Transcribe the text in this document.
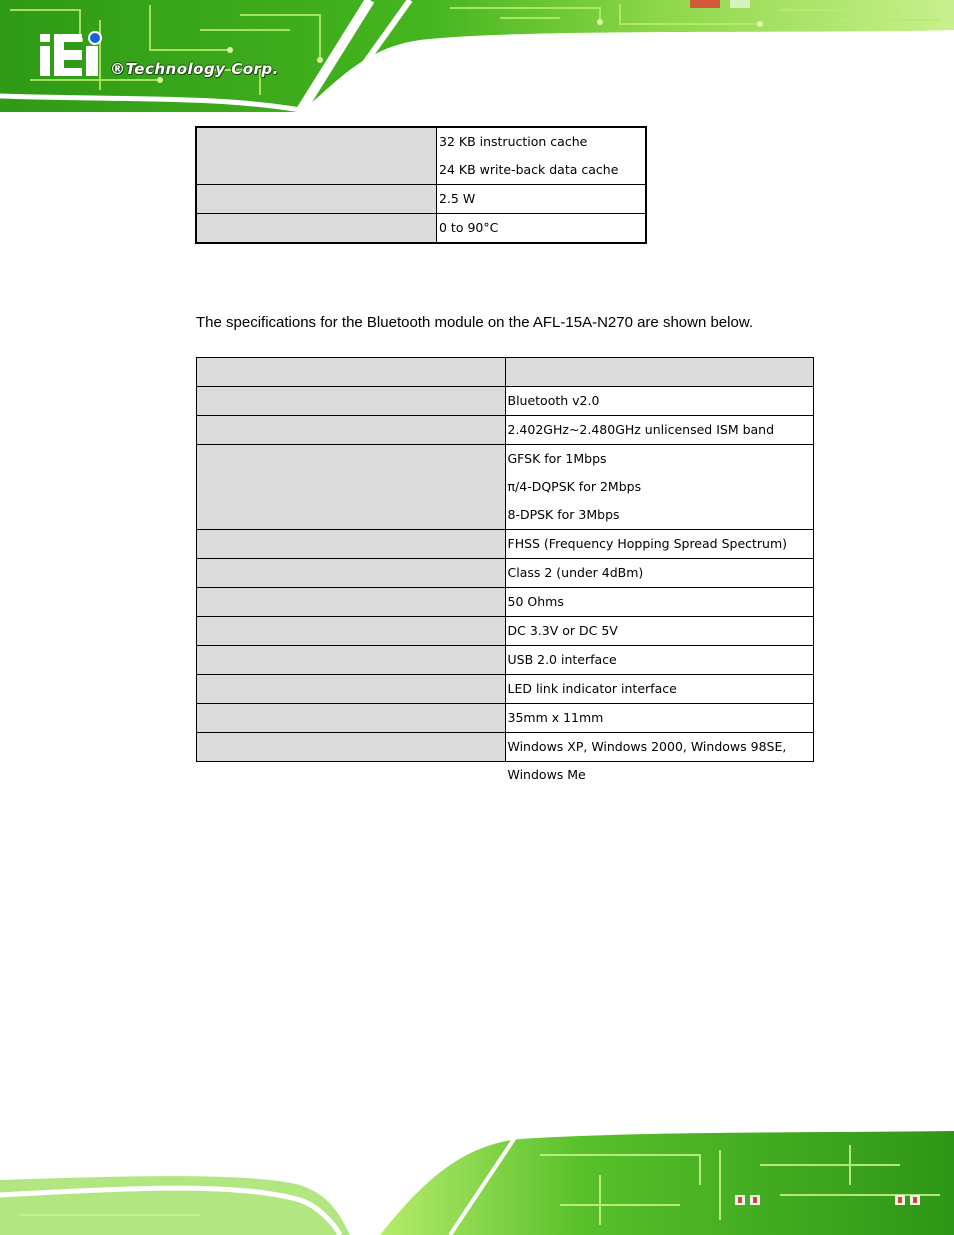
®Technology Corp.

	32 KB instruction cache
24 KB write-back data cache

	2.5 W

	0 to 90°C

The specifications for the Bluetooth module on the AFL-15A-N270 are shown below.

	Bluetooth v2.0

	2.402GHz~2.480GHz unlicensed ISM band

	GFSK for 1Mbps
π/4-DQPSK for 2Mbps
8-DPSK for 3Mbps

	FHSS (Frequency Hopping Spread Spectrum)

	Class 2 (under 4dBm)

	50 Ohms

	DC 3.3V or DC 5V

	USB 2.0 interface

	LED link indicator interface

	35mm x 11mm

	Windows XP, Windows 2000, Windows 98SE, Windows Me
